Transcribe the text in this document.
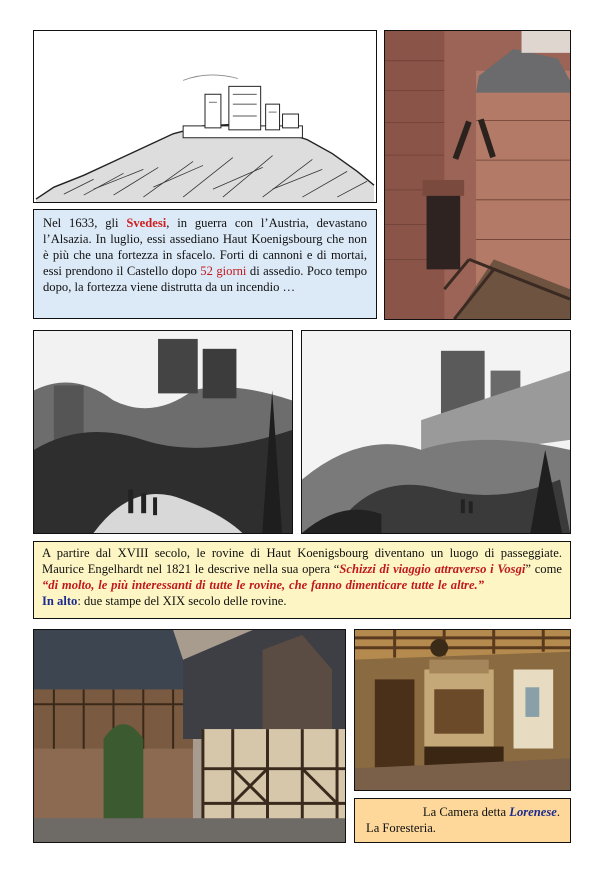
Nel 1633, gli Svedesi, in guerra con l’Austria, devastano l’Alsazia. In luglio, essi assediano Haut Koenigsbourg che non è più che una fortezza in sfacelo. Forti di cannoni e di mortai, essi prendono il Castello dopo 52 giorni di assedio. Poco tempo dopo, la fortezza viene distrutta da un incendio …
A partire dal XVIII secolo, le rovine di Haut Koenigsbourg diventano un luogo di passeggiate. Maurice Engelhardt nel 1821 le descrive nella sua opera “Schizzi di viaggio attraverso i Vosgi” come “di molto, le più interessanti di tutte le rovine, che fanno dimenticare tutte le altre.”In alto: due stampe del XIX secolo delle rovine.
La Camera detta Lorenese.
La Foresteria.
